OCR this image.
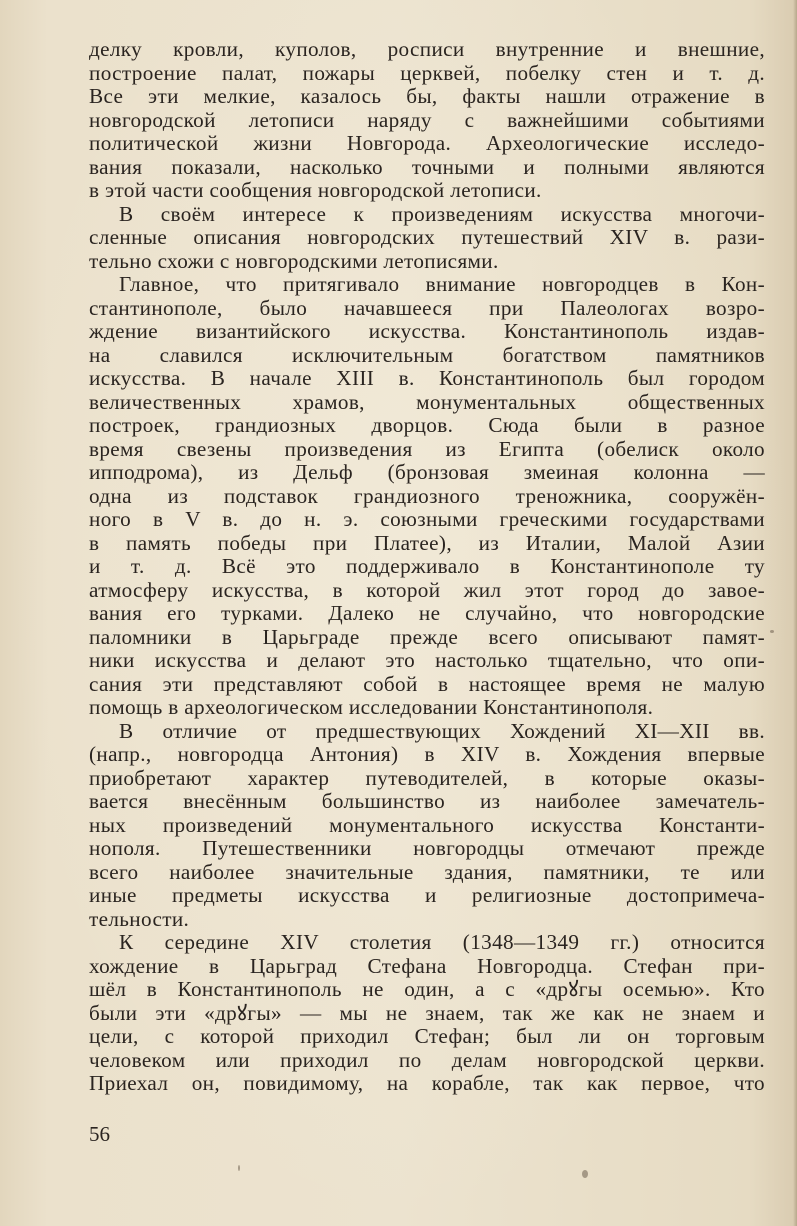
делку кровли, куполов, росписи внутренние и внешние,
построение палат, пожары церквей, побелку стен и т. д.
Все эти мелкие, казалось бы, факты нашли отражение в
новгородской летописи наряду с важнейшими событиями
политической жизни Новгорода. Археологические исследо-
вания показали, насколько точными и полными являются
в этой части сообщения новгородской летописи.
В своём интересе к произведениям искусства многочи-
сленные описания новгородских путешествий XIV в. рази-
тельно схожи с новгородскими летописями.
Главное, что притягивало внимание новгородцев в Кон-
стантинополе, было начавшееся при Палеологах возро-
ждение византийского искусства. Константинополь издав-
на славился исключительным богатством памятников
искусства. В начале XIII в. Константинополь был городом
величественных храмов, монументальных общественных
построек, грандиозных дворцов. Сюда были в разное
время свезены произведения из Египта (обелиск около
ипподрома), из Дельф (бронзовая змеиная колонна —
одна из подставок грандиозного треножника, сооружён-
ного в V в. до н. э. союзными греческими государствами
в память победы при Платее), из Италии, Малой Азии
и т. д. Всё это поддерживало в Константинополе ту
атмосферу искусства, в которой жил этот город до завое-
вания его турками. Далеко не случайно, что новгородские
паломники в Царьграде прежде всего описывают памят-
ники искусства и делают это настолько тщательно, что опи-
сания эти представляют собой в настоящее время не малую
помощь в археологическом исследовании Константинополя.
В отличие от предшествующих Хождений XI—XII вв.
(напр., новгородца Антония) в XIV в. Хождения впервые
приобретают характер путеводителей, в которые оказы-
вается внесённым большинство из наиболее замечатель-
ных произведений монументального искусства Константи-
нополя. Путешественники новгородцы отмечают прежде
всего наиболее значительные здания, памятники, те или
иные предметы искусства и религиозные достопримеча-
тельности.
К середине XIV столетия (1348—1349 гг.) относится
хождение в Царьград Стефана Новгородца. Стефан при-
шёл в Константинополь не один, а с «дрꙋгы осемью». Кто
были эти «дрꙋгы» — мы не знаем, так же как не знаем и
цели, с которой приходил Стефан; был ли он торговым
человеком или приходил по делам новгородской церкви.
Приехал он, повидимому, на корабле, так как первое, что
56
